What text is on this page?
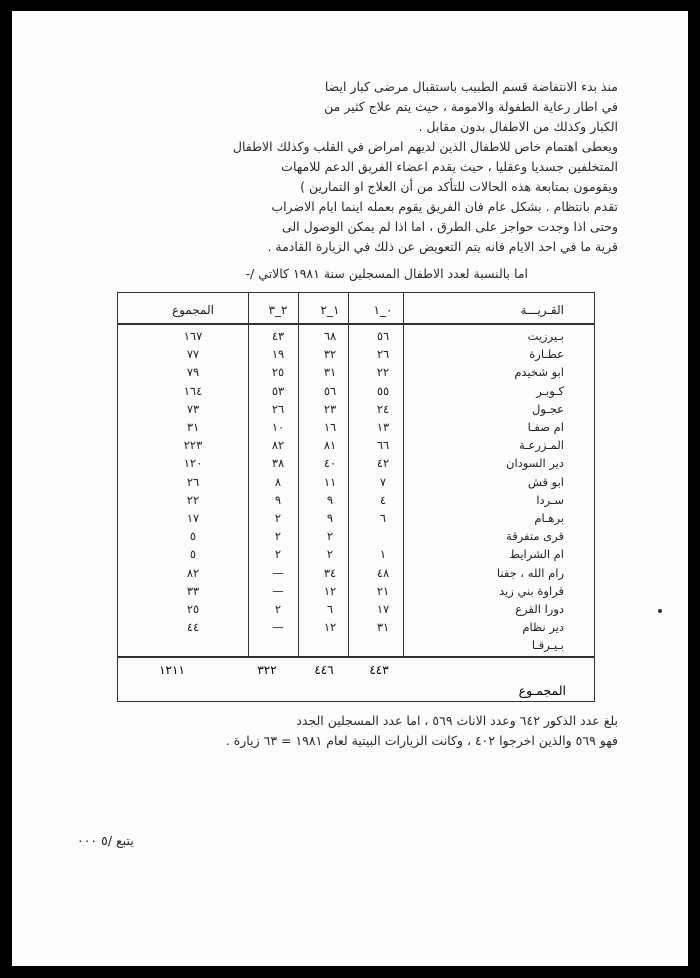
منذ بدء الانتفاضة قسم الطبيب باستقبال مرضى كبار ايضا
في اطار رعاية الطفولة والامومة ، حيث يتم علاج كثير من
الكبار وكذلك من الاطفال بدون مقابل .
ويعطى اهتمام خاص للاطفال الذين لديهم امراض في القلب وكذلك الاطفال
المتخلفين جسديا وعقليا ، حيث يقدم اعضاء الفريق الدعم للامهات
ويقومون بمتابعة هذه الحالات للتأكد من أن العلاج او التمارين )
تقدم بانتظام . بشكل عام فان الفريق يقوم بعمله اينما ايام الاضراب
وحتى اذا وجدت حواجز على الطرق ، اما اذا لم يمكن الوصول الى
قرية ما في احد الايام فانه يتم التعويض عن ذلك في الزيارة القادمة .
اما بالنسبة لعدد الاطفال المسجلين سنة ١٩٨١ كالاتي /-
القـريـــة
٠_١
١_٢
٢_٣
المجموع
بـيرزيت
٥٦
٦٨
٤٣
١٦٧
عطـارة
٢٦
٣٢
١٩
٧٧
ابو شخيدم
٢٢
٣١
٢٥
٧٩
كـوبـر
٥٥
٥٦
٥٣
١٦٤
عجـول
٢٤
٢٣
٢٦
٧٣
ام صفـا
١٣
١٦
١٠
٣١
المـزرعـة
٦٦
٨١
٨٢
٢٢٣
دير السودان
٤٢
٤٠
٣٨
١٢٠
ابو قش
٧
١١
٨
٢٦
سـردا
٤
٩
٩
٢٢
برهـام
٦
٩
٢
١٧
قرى متفرقة
٢
٢
٥
ام الشرايط
١
٢
٢
٥
رام الله ، جفنا
٤٨
٣٤
—
٨٢
قراوة بني زيد
٢١
١٢
—
٣٣
دورا القرع
١٧
٦
٢
٢٥
دير نظام
٣١
١٢
—
٤٤
بـيـرقـا
المجمـوع
٤٤٣
٤٤٦
٣٢٢
١٢١١
بلغ عدد الذكور ٦٤٢ وعدد الاناث ٥٦٩ ، اما عدد المسجلين الجدد
فهو ٥٦٩ والذين اخرجوا ٤٠٢ ، وكانت الزيارات البيتية لعام ١٩٨١ = ٦٣ زيارة .
يتبع /٥ ٠٠٠
